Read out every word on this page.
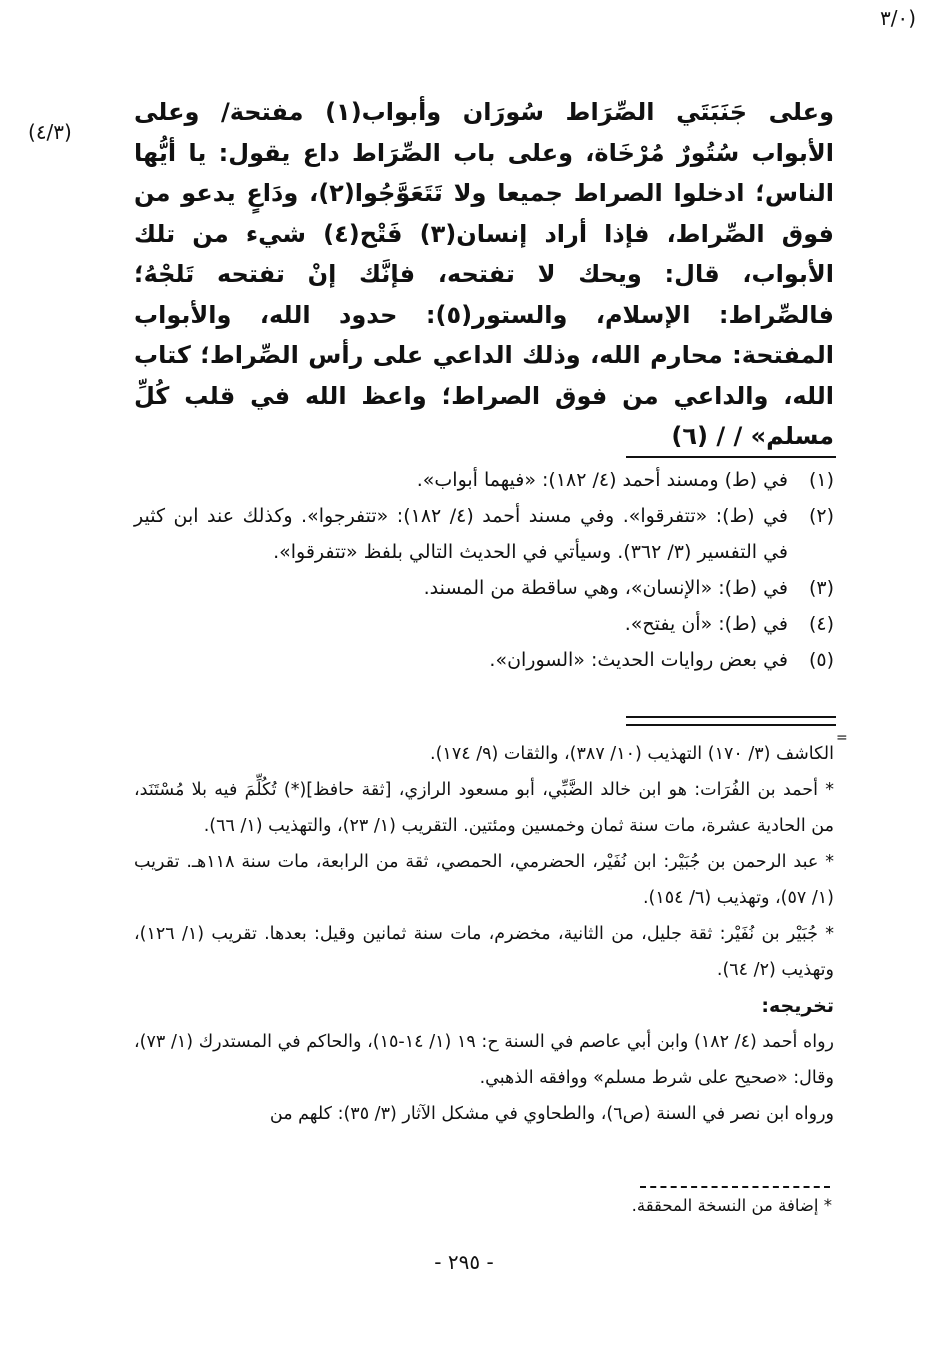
(٣/٠
(٤/٣)
وعلى جَنَبَتَي الصِّرَاط سُورَان وأبواب(١) مفتحة/ وعلى الأبواب سُتُورٌ مُرْخَاة، وعلى باب الصِّرَاط داع يقول: يا أيُّها الناس؛ ادخلوا الصراط جميعا ولا تَتَعَوَّجُوا(٢)، ودَاعٍ يدعو من فوق الصِّراط، فإذا أراد إنسان(٣) فَتْح(٤) شيء من تلك الأبواب، قال: ويحك لا تفتحه، فإنَّك إنْ تفتحه تَلجْهُ؛ فالصِّراط: الإسلام، والستور(٥): حدود الله، والأبواب المفتحة: محارم الله، وذلك الداعي على رأس الصِّراط؛ كتاب الله، والداعي من فوق الصراط؛ واعظ الله في قلب كُلِّ مسلم» / / (٦)
(١)
في (ط) ومسند أحمد (٤/ ١٨٢): «فيهما أبواب».
(٢)
في (ط): «تتفرقوا». وفي مسند أحمد (٤/ ١٨٢): «تتفرجوا». وكذلك عند ابن كثير في التفسير (٣/ ٣٦٢). وسيأتي في الحديث التالي بلفظ «تتفرقوا».
(٣)
في (ط): «الإنسان»، وهي ساقطة من المسند.
(٤)
في (ط): «أن يفتح».
(٥)
في بعض روايات الحديث: «السوران».
=

الكاشف (٣/ ١٧٠) التهذيب (١٠/ ٣٨٧)، والثقات (٩/ ١٧٤).

* أحمد بن الفُرَات: هو ابن خالد الضَّبِّي، أبو مسعود الرازي، [ثقة حافظ](*) تُكُلِّمَ فيه بلا مُسْتَنَد، من الحادية عشرة، مات سنة ثمان وخمسين ومئتين. التقريب (١/ ٢٣)، والتهذيب (١/ ٦٦).

* عبد الرحمن بن جُبَيْر: ابن نُفَيْر، الحضرمي، الحمصي، ثقة من الرابعة، مات سنة ١١٨هـ. تقريب (١/ ٥٧)، وتهذيب (٦/ ١٥٤).

* جُبَيْر بن نُفَيْر: ثقة جليل، من الثانية، مخضرم، مات سنة ثمانين وقيل: بعدها. تقريب (١/ ١٢٦)، وتهذيب (٢/ ٦٤).

تخريجه:

رواه أحمد (٤/ ١٨٢) وابن أبي عاصم في السنة ح: ١٩ (١/ ١٤-١٥)، والحاكم في المستدرك (١/ ٧٣)، وقال: «صحيح على شرط مسلم» ووافقه الذهبي.

ورواه ابن نصر في السنة (ص٦)، والطحاوي في مشكل الآثار (٣/ ٣٥): كلهم من

* إضافة من النسخة المحققة.
- ٢٩٥ -
